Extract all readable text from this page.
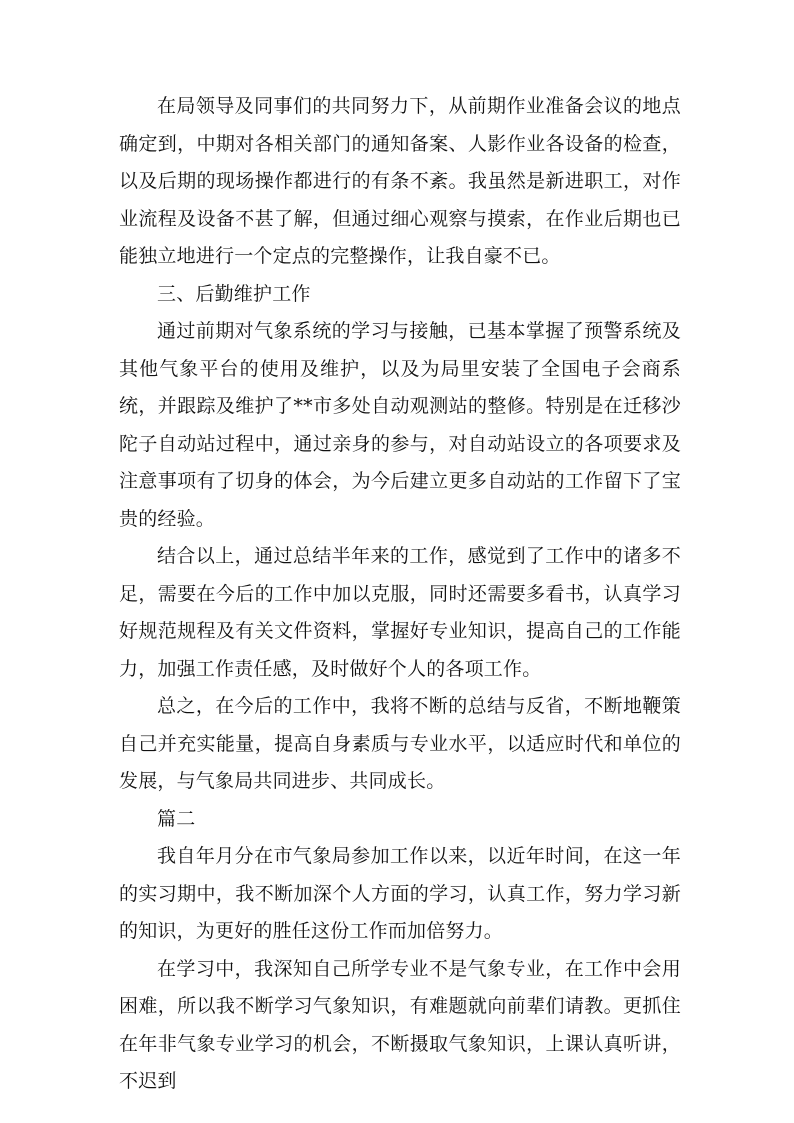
在局领导及同事们的共同努力下，从前期作业准备会议的地点确定到，中期对各相关部门的通知备案、人影作业各设备的检查，以及后期的现场操作都进行的有条不紊。我虽然是新进职工，对作业流程及设备不甚了解，但通过细心观察与摸索，在作业后期也已能独立地进行一个定点的完整操作，让我自豪不已。

三、后勤维护工作

通过前期对气象系统的学习与接触，已基本掌握了预警系统及其他气象平台的使用及维护，以及为局里安装了全国电子会商系统，并跟踪及维护了**市多处自动观测站的整修。特别是在迁移沙陀子自动站过程中，通过亲身的参与，对自动站设立的各项要求及注意事项有了切身的体会，为今后建立更多自动站的工作留下了宝贵的经验。

结合以上，通过总结半年来的工作，感觉到了工作中的诸多不足，需要在今后的工作中加以克服，同时还需要多看书，认真学习好规范规程及有关文件资料，掌握好专业知识，提高自己的工作能力，加强工作责任感，及时做好个人的各项工作。

总之，在今后的工作中，我将不断的总结与反省，不断地鞭策自己并充实能量，提高自身素质与专业水平，以适应时代和单位的发展，与气象局共同进步、共同成长。

篇二

我自年月分在市气象局参加工作以来，以近年时间，在这一年的实习期中，我不断加深个人方面的学习，认真工作，努力学习新的知识，为更好的胜任这份工作而加倍努力。

在学习中，我深知自己所学专业不是气象专业，在工作中会用困难，所以我不断学习气象知识，有难题就向前辈们请教。更抓住在年非气象专业学习的机会，不断摄取气象知识，上课认真听讲，不迟到
